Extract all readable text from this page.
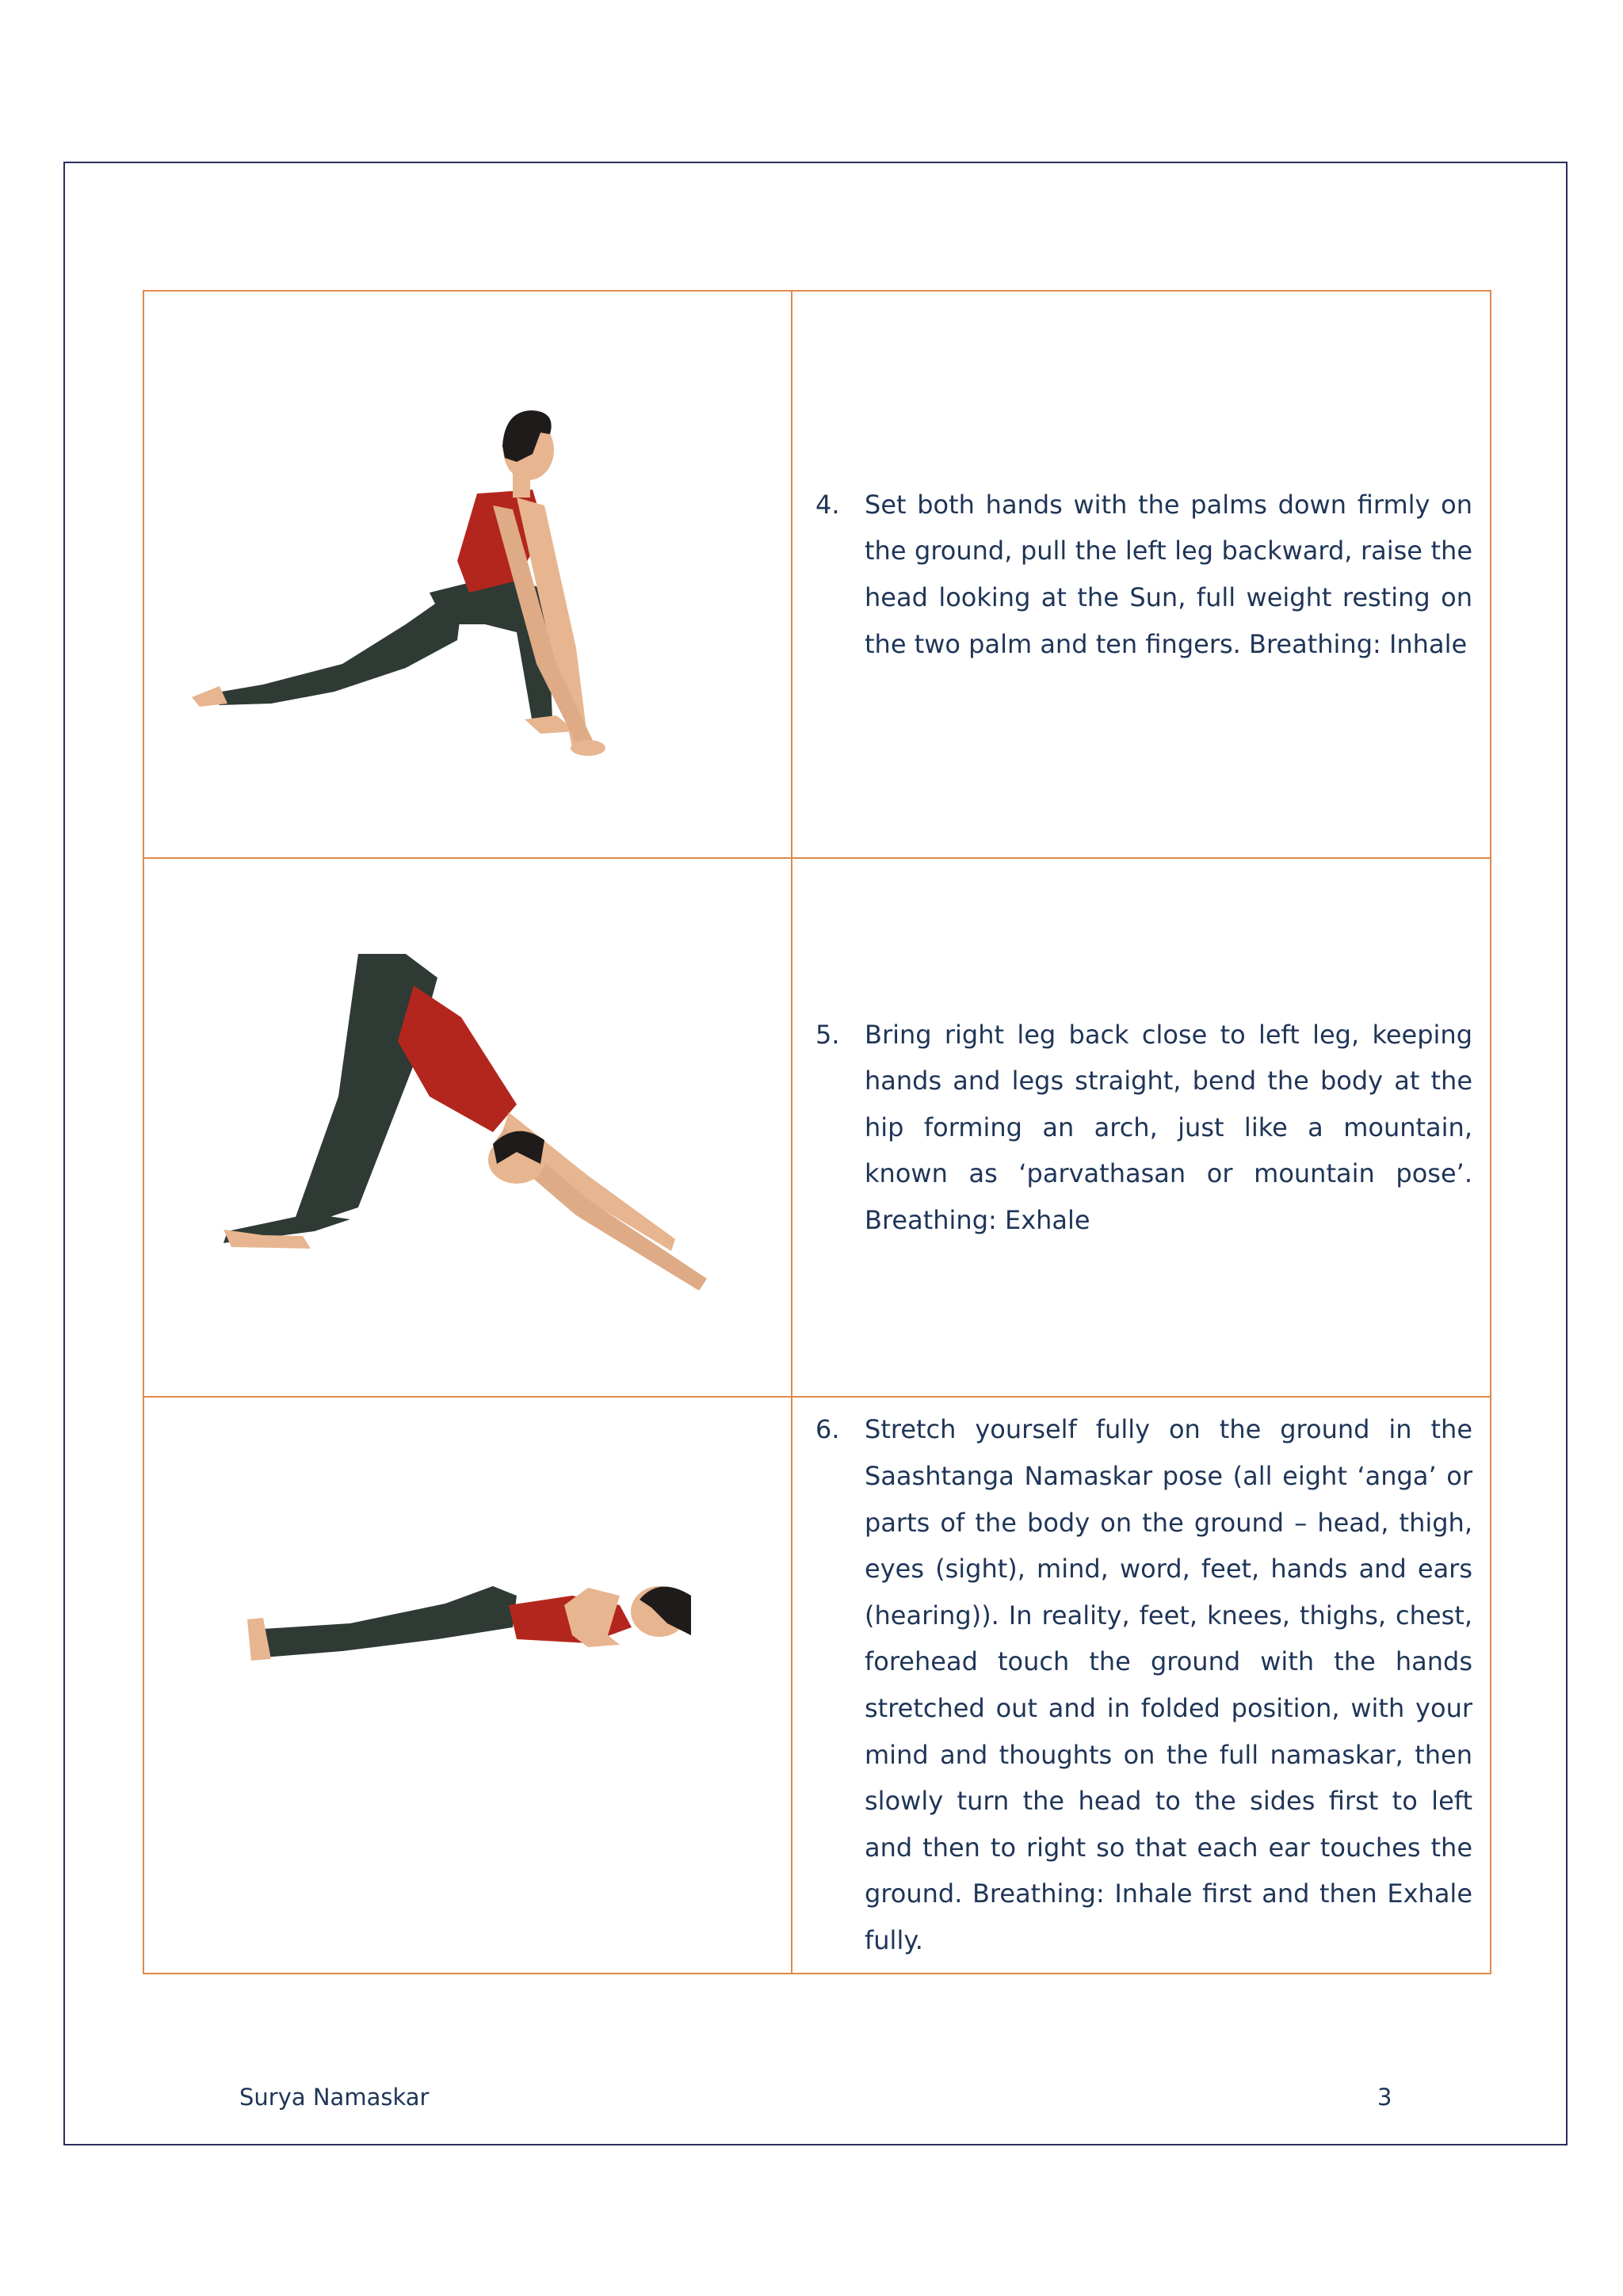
4. Set both hands with the palms down firmly on the ground, pull the left leg backward, raise the head looking at the Sun, full weight resting on the two palm and ten fingers. Breathing: Inhale

5. Bring right leg back close to left leg, keeping hands and legs straight, bend the body at the hip forming an arch, just like a mountain, known as ‘parvathasan or mountain pose’. Breathing: Exhale

6. Stretch yourself fully on the ground in the Saashtanga Namaskar pose (all eight ‘anga’ or parts of the body on the ground – head, thigh, eyes (sight), mind, word, feet, hands and ears (hearing)). In reality, feet, knees, thighs, chest, forehead touch the ground with the hands stretched out and in folded position, with your mind and thoughts on the full namaskar, then slowly turn the head to the sides first to left and then to right so that each ear touches the ground. Breathing: Inhale first and then Exhale fully.
Surya Namaskar	3
